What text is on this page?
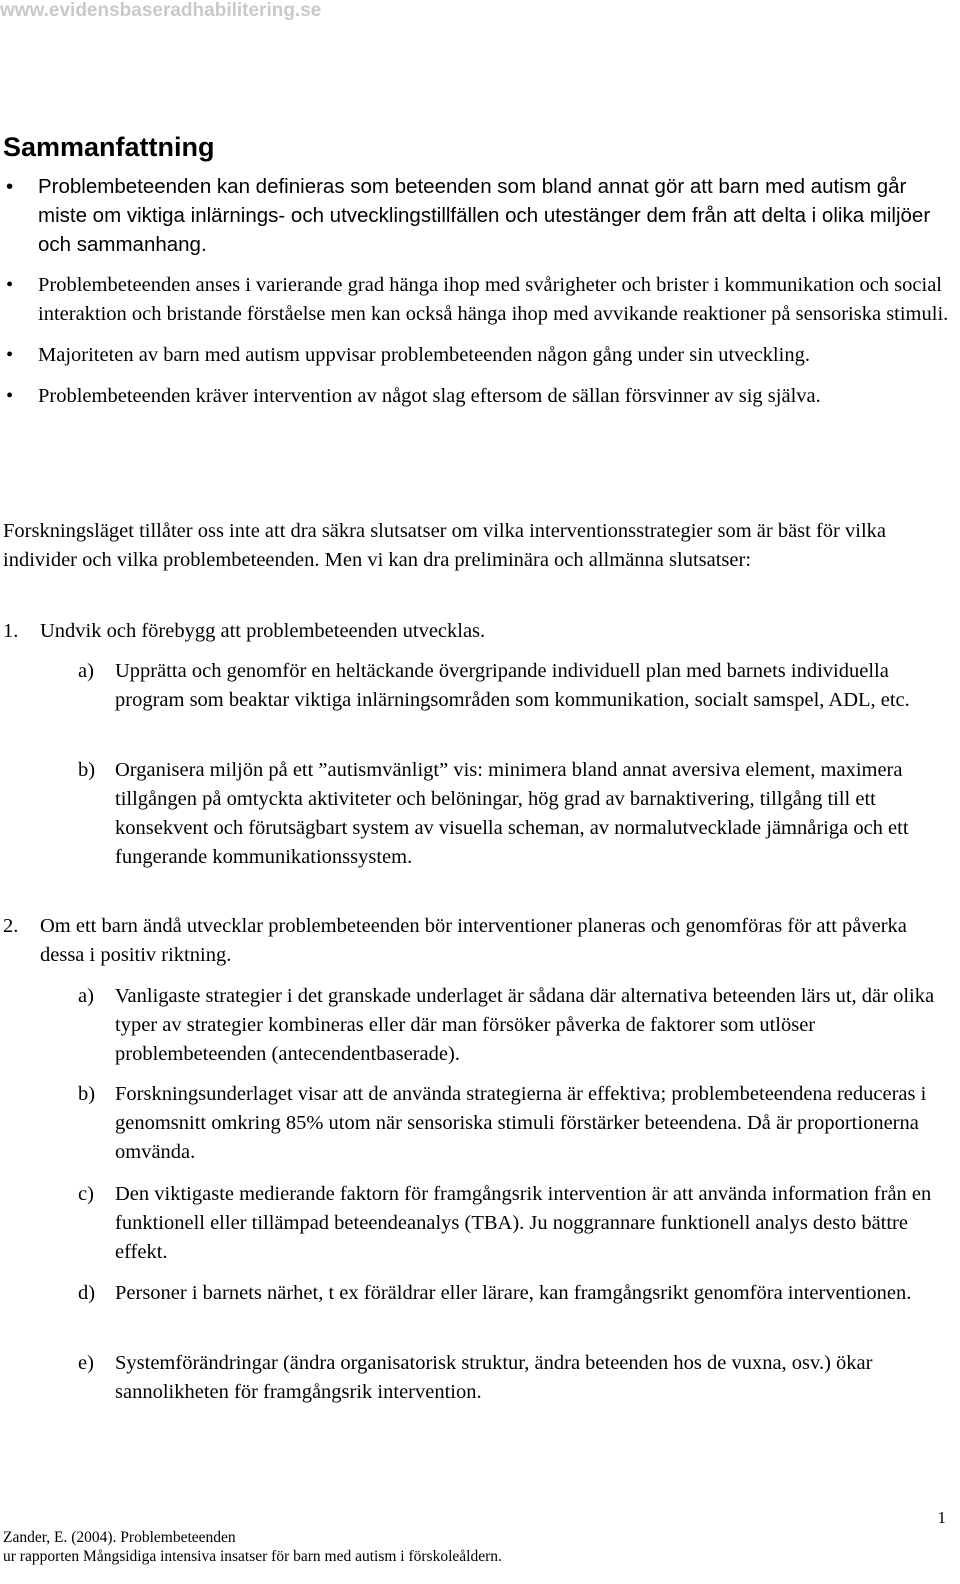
www.evidensbaseradhabilitering.se
Sammanfattning
• Problembeteenden kan definieras som beteenden som bland annat gör att barn med autism går miste om viktiga inlärnings- och utvecklingstillfällen och utestänger dem från att delta i olika miljöer och sammanhang.
• Problembeteenden anses i varierande grad hänga ihop med svårigheter och brister i kommunikation och social interaktion och bristande förståelse men kan också hänga ihop med avvikande reaktioner på sensoriska stimuli.
• Majoriteten av barn med autism uppvisar problembeteenden någon gång under sin utveckling.
• Problembeteenden kräver intervention av något slag eftersom de sällan försvinner av sig själva.

Forskningsläget tillåter oss inte att dra säkra slutsatser om vilka interventionsstrategier som är bäst för vilka individer och vilka problembeteenden. Men vi kan dra preliminära och allmänna slutsatser:

1.	Undvik och förebygg att problembeteenden utvecklas.
a)	Upprätta och genomför en heltäckande övergripande individuell plan med barnets individuella program som beaktar viktiga inlärningsområden som kommunikation, socialt samspel, ADL, etc.
b) Organisera miljön på ett ”autismvänligt” vis: minimera bland annat aversiva element, maximera tillgången på omtyckta aktiviteter och belöningar, hög grad av barnaktivering, tillgång till ett konsekvent och förutsägbart system av visuella scheman, av normalutvecklade jämnåriga och ett fungerande kommunikationssystem.
2.	Om ett barn ändå utvecklar problembeteenden bör interventioner planeras och genomföras för att påverka dessa i positiv riktning.
a)	Vanligaste strategier i det granskade underlaget är sådana där alternativa beteenden lärs ut, där olika typer av strategier kombineras eller där man försöker påverka de faktorer som utlöser problembeteenden (antecendentbaserade).
b) Forskningsunderlaget visar att de använda strategierna är effektiva; problembeteendena reduceras i genomsnitt omkring 85% utom när sensoriska stimuli förstärker beteendena. Då är proportionerna omvända.
c)	Den viktigaste medierande faktorn för framgångsrik intervention är att använda information från en funktionell eller tillämpad beteendeanalys (TBA). Ju noggrannare funktionell analys desto bättre effekt.
d) Personer i barnets närhet, t ex föräldrar eller lärare, kan framgångsrikt genomföra interventionen.
e)	Systemförändringar (ändra organisatorisk struktur, ändra beteenden hos de vuxna, osv.) ökar sannolikheten för framgångsrik intervention.
1
Zander, E. (2004). Problembeteenden
ur rapporten Mångsidiga intensiva insatser för barn med autism i förskoleåldern.
